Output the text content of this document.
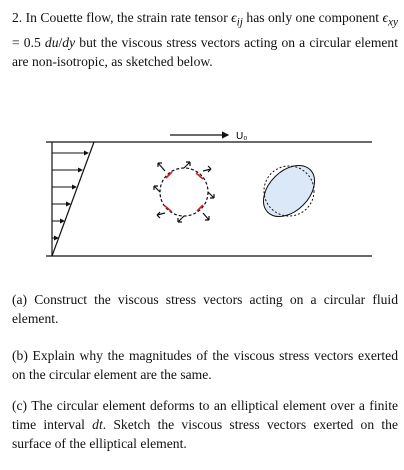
2. In Couette flow, the strain rate tensor $\epsilon_{ij}$ has only one component $\epsilon_{xy} = 0.5$ du/dy but the viscous stress vectors acting on a circular element are non-isotropic, as sketched below.
U₀
(a) Construct the viscous stress vectors acting on a circular fluid element.
(b) Explain why the magnitudes of the viscous stress vectors exerted on the circular element are the same.
(c) The circular element deforms to an elliptical element over a finite time interval dt. Sketch the viscous stress vectors exerted on the surface of the elliptical element.
